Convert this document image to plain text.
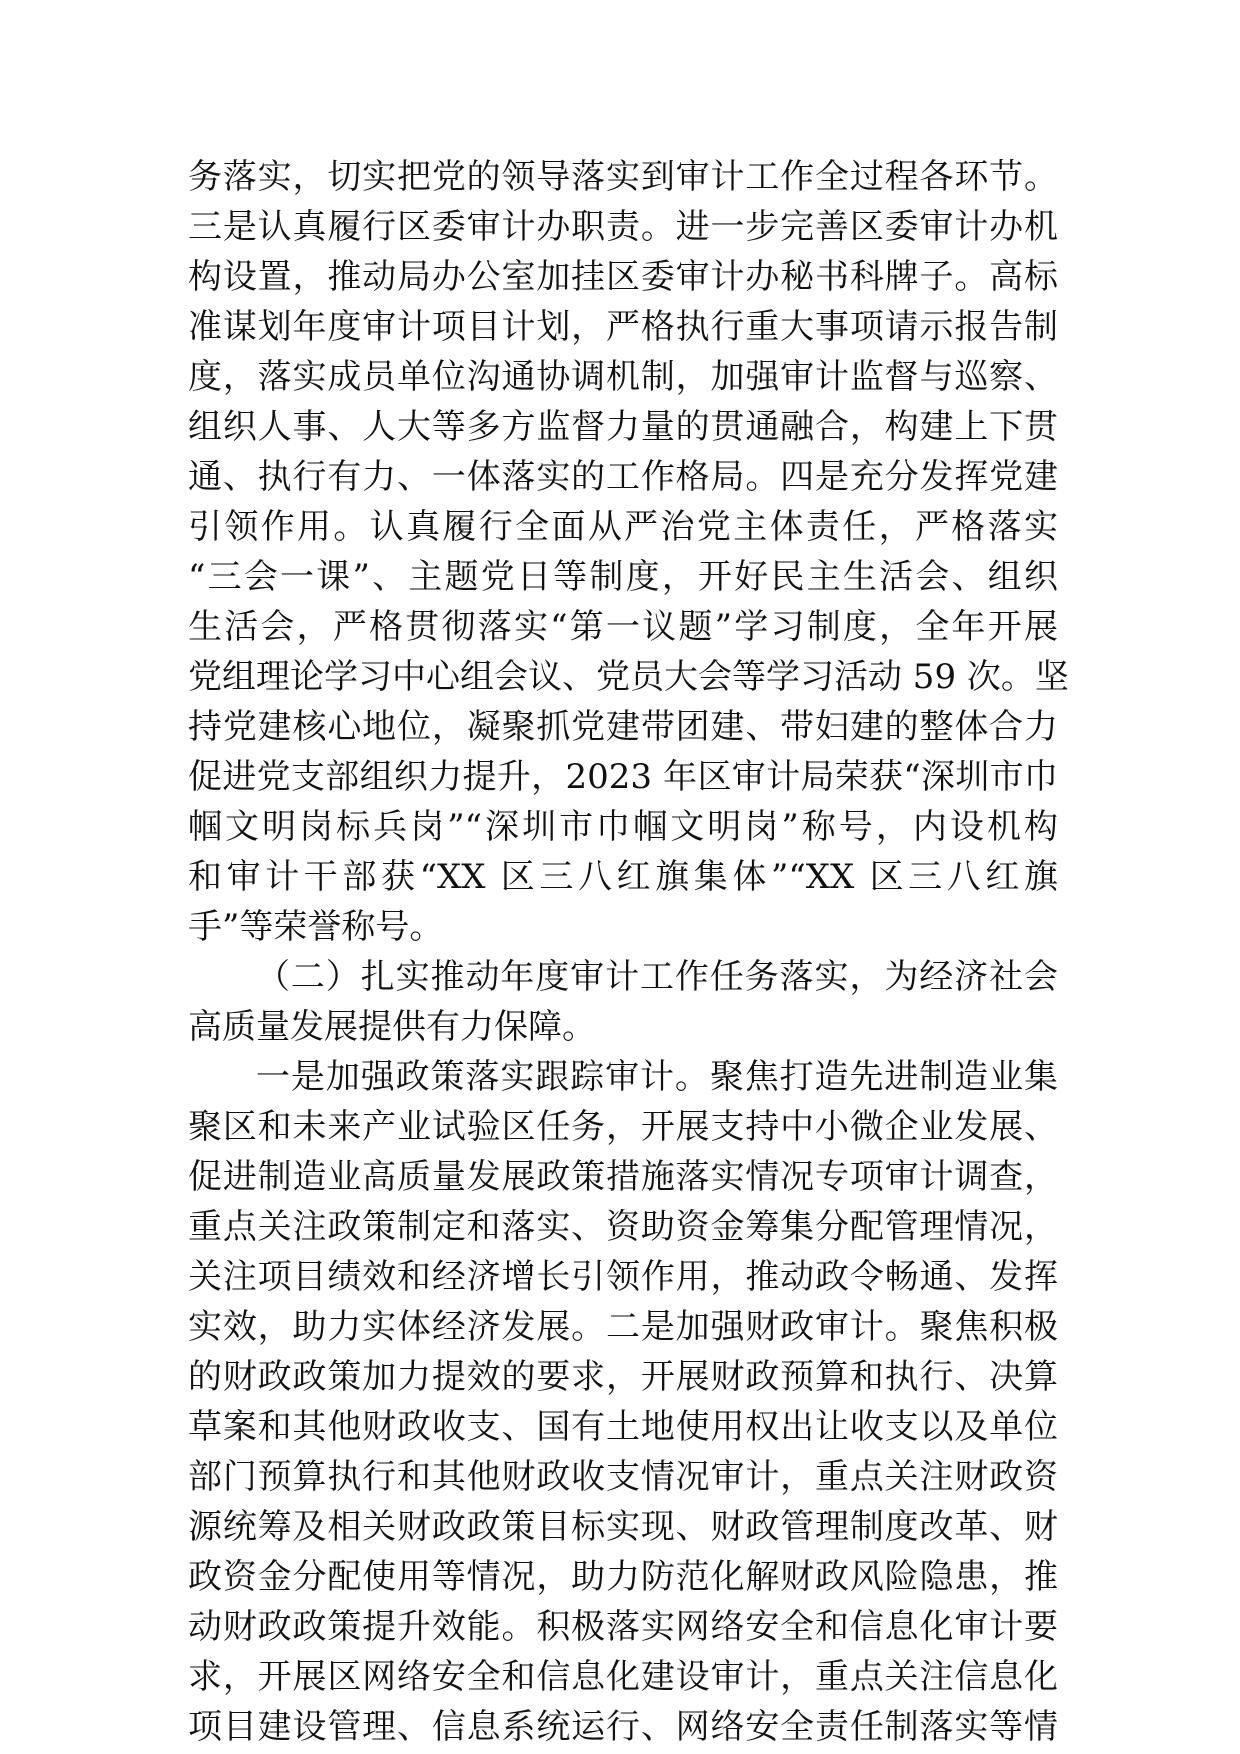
务落实，切实把党的领导落实到审计工作全过程各环节。
三是认真履行区委审计办职责。进一步完善区委审计办机
构设置，推动局办公室加挂区委审计办秘书科牌子。高标
准谋划年度审计项目计划，严格执行重大事项请示报告制
度，落实成员单位沟通协调机制，加强审计监督与巡察、
组织人事、人大等多方监督力量的贯通融合，构建上下贯
通、执行有力、一体落实的工作格局。四是充分发挥党建
引领作用。认真履行全面从严治党主体责任，严格落实
“三会一课”、主题党日等制度，开好民主生活会、组织
生活会，严格贯彻落实“第一议题”学习制度，全年开展
党组理论学习中心组会议、党员大会等学习活动 59 次。坚
持党建核心地位，凝聚抓党建带团建、带妇建的整体合力
促进党支部组织力提升，2023 年区审计局荣获“深圳市巾
帼文明岗标兵岗”“深圳市巾帼文明岗”称号，内设机构
和审计干部获“XX 区三八红旗集体”“XX 区三八红旗
手”等荣誉称号。
（二）扎实推动年度审计工作任务落实，为经济社会
高质量发展提供有力保障。
一是加强政策落实跟踪审计。聚焦打造先进制造业集
聚区和未来产业试验区任务，开展支持中小微企业发展、
促进制造业高质量发展政策措施落实情况专项审计调查，
重点关注政策制定和落实、资助资金筹集分配管理情况，
关注项目绩效和经济增长引领作用，推动政令畅通、发挥
实效，助力实体经济发展。二是加强财政审计。聚焦积极
的财政政策加力提效的要求，开展财政预算和执行、决算
草案和其他财政收支、国有土地使用权出让收支以及单位
部门预算执行和其他财政收支情况审计，重点关注财政资
源统筹及相关财政政策目标实现、财政管理制度改革、财
政资金分配使用等情况，助力防范化解财政风险隐患，推
动财政政策提升效能。积极落实网络安全和信息化审计要
求，开展区网络安全和信息化建设审计，重点关注信息化
项目建设管理、信息系统运行、网络安全责任制落实等情
